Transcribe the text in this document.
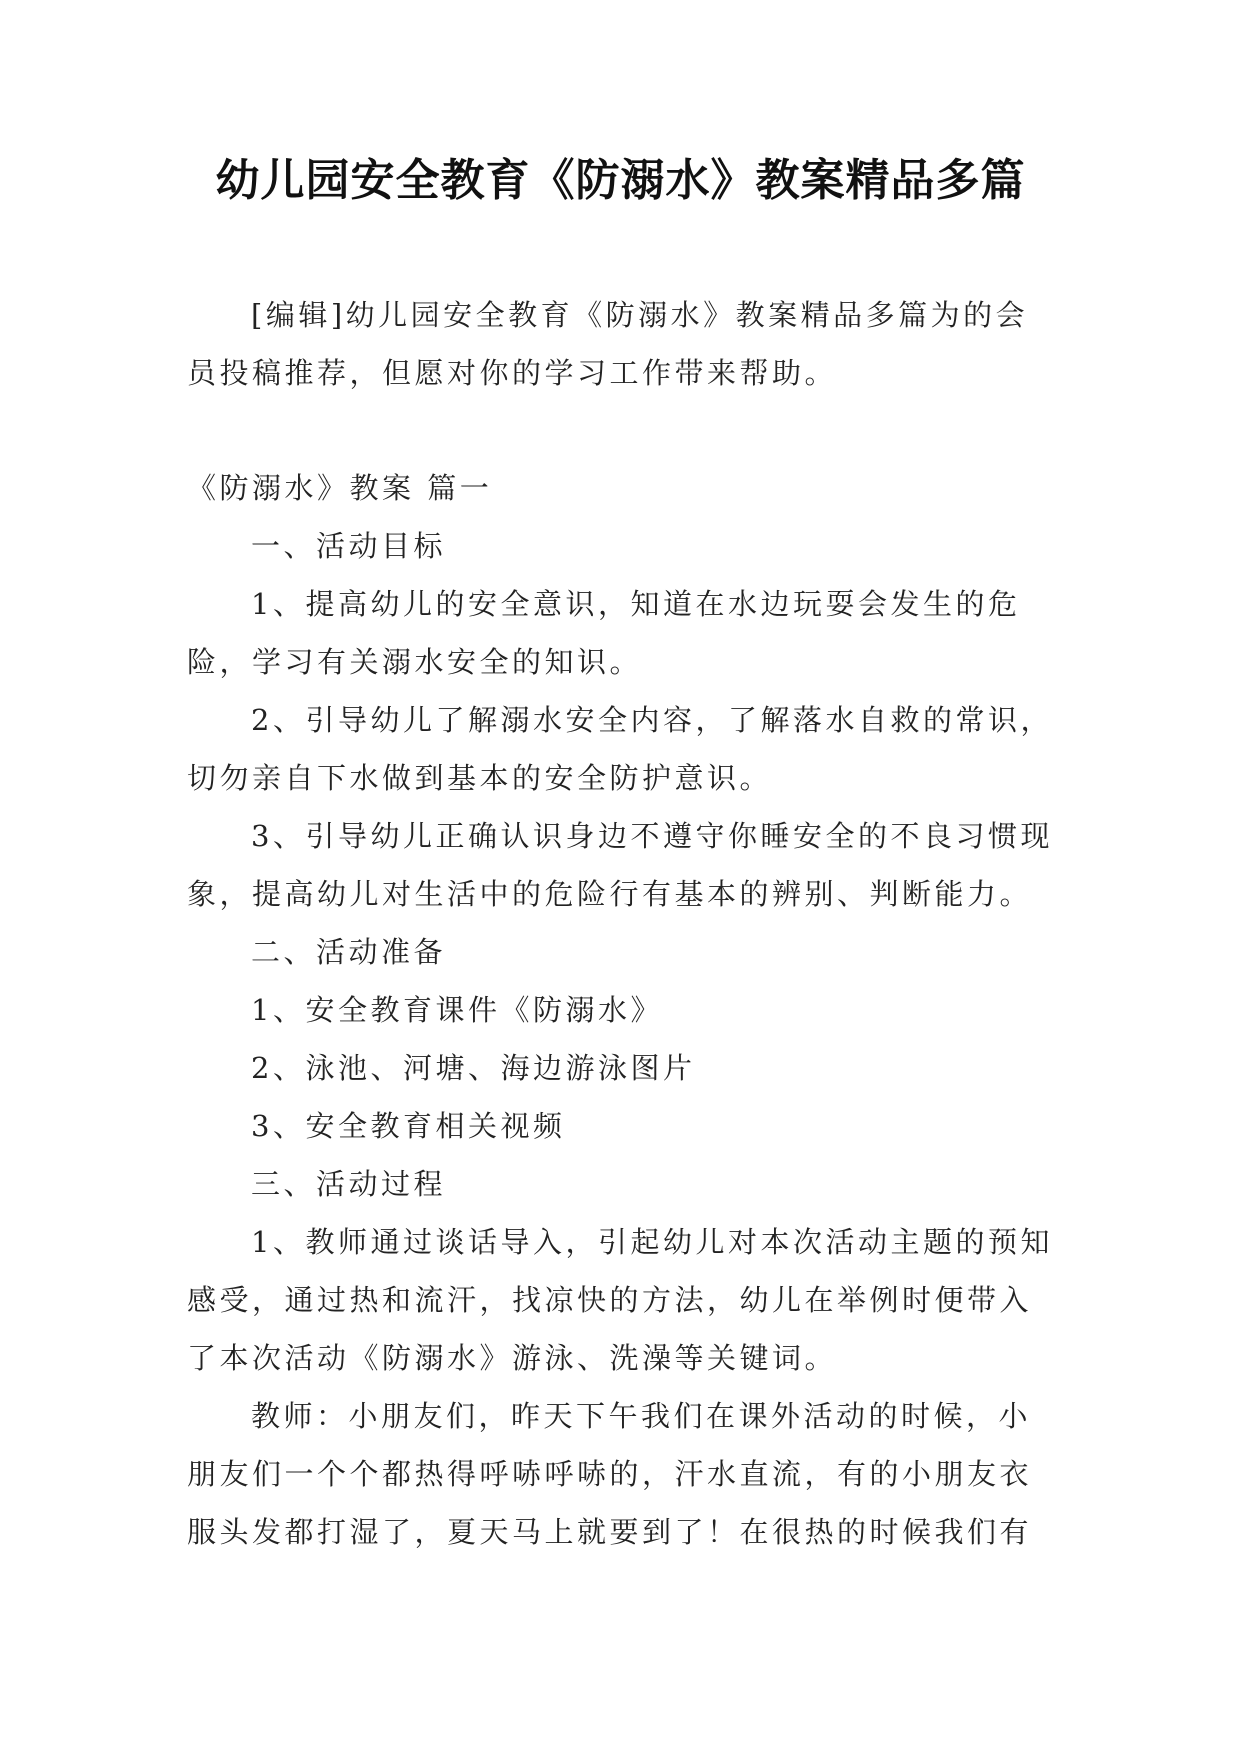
幼儿园安全教育《防溺水》教案精品多篇

[编辑]幼儿园安全教育《防溺水》教案精品多篇为的会员投稿推荐，但愿对你的学习工作带来帮助。

《防溺水》教案 篇一

一、活动目标

1、提高幼儿的安全意识，知道在水边玩耍会发生的危险，学习有关溺水安全的知识。

2、引导幼儿了解溺水安全内容，了解落水自救的常识，切勿亲自下水做到基本的安全防护意识。

3、引导幼儿正确认识身边不遵守你睡安全的不良习惯现象，提高幼儿对生活中的危险行有基本的辨别、判断能力。

二、活动准备

1、安全教育课件《防溺水》

2、泳池、河塘、海边游泳图片

3、安全教育相关视频

三、活动过程

1、教师通过谈话导入，引起幼儿对本次活动主题的预知感受，通过热和流汗，找凉快的方法，幼儿在举例时便带入了本次活动《防溺水》游泳、洗澡等关键词。

教师：小朋友们，昨天下午我们在课外活动的时候，小朋友们一个个都热得呼哧呼哧的，汗水直流，有的小朋友衣服头发都打湿了，夏天马上就要到了！在很热的时候我们有
